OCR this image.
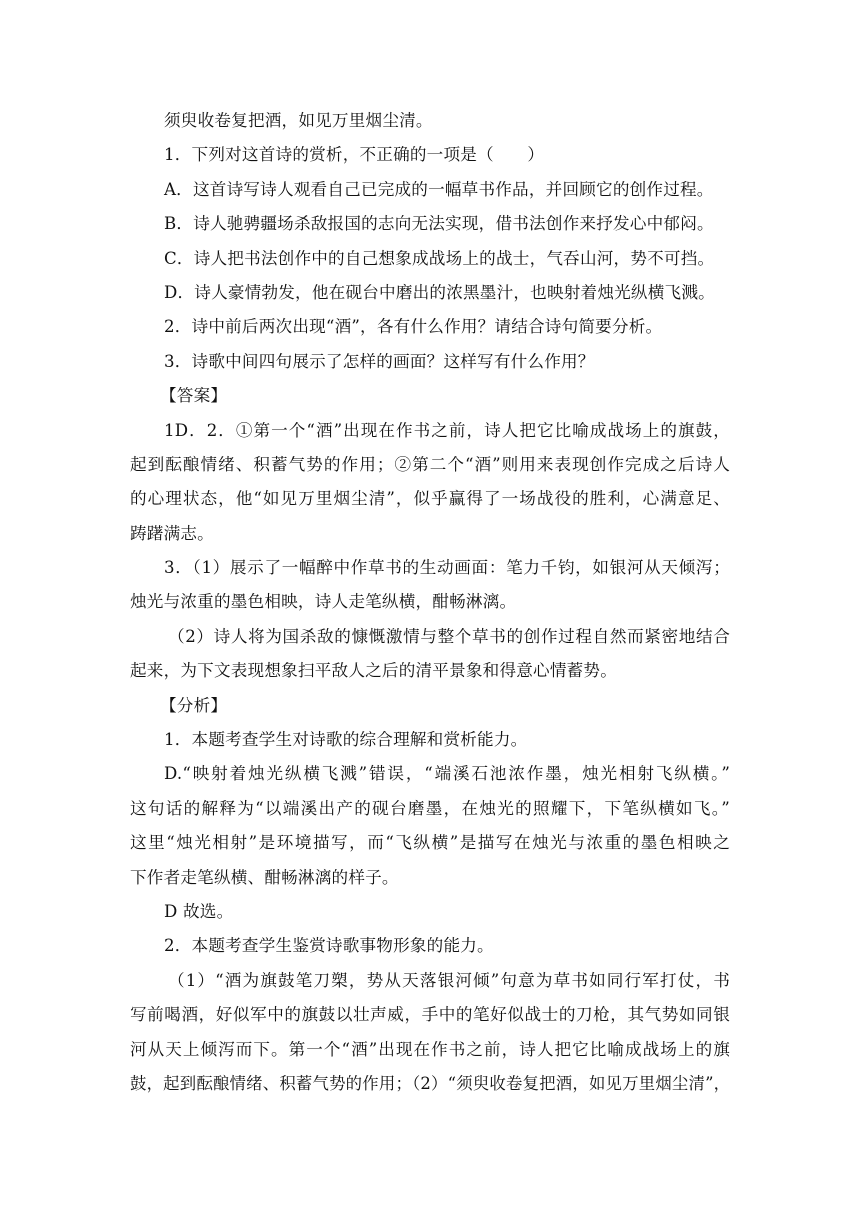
须臾收卷复把酒，如见万里烟尘清。
1．下列对这首诗的赏析，不正确的一项是（　　）
A．这首诗写诗人观看自己已完成的一幅草书作品，并回顾它的创作过程。
B．诗人驰骋疆场杀敌报国的志向无法实现，借书法创作来抒发心中郁闷。
C．诗人把书法创作中的自己想象成战场上的战士，气吞山河，势不可挡。
D．诗人豪情勃发，他在砚台中磨出的浓黑墨汁，也映射着烛光纵横飞溅。
2．诗中前后两次出现“酒”，各有什么作用？请结合诗句简要分析。
3．诗歌中间四句展示了怎样的画面？这样写有什么作用？
【答案】
1D．2．①第一个“酒”出现在作书之前，诗人把它比喻成战场上的旗鼓，
起到酝酿情绪、积蓄气势的作用；②第二个“酒”则用来表现创作完成之后诗人
的心理状态，他“如见万里烟尘清”，似乎赢得了一场战役的胜利，心满意足、
踌躇满志。
3．（1）展示了一幅醉中作草书的生动画面：笔力千钧，如银河从天倾泻；
烛光与浓重的墨色相映，诗人走笔纵横，酣畅淋漓。
（2）诗人将为国杀敌的慷慨激情与整个草书的创作过程自然而紧密地结合
起来，为下文表现想象扫平敌人之后的清平景象和得意心情蓄势。
【分析】
1．本题考查学生对诗歌的综合理解和赏析能力。
D.“映射着烛光纵横飞溅”错误，“端溪石池浓作墨，烛光相射飞纵横。”
这句话的解释为“以端溪出产的砚台磨墨，在烛光的照耀下，下笔纵横如飞。”
这里“烛光相射”是环境描写，而“飞纵横”是描写在烛光与浓重的墨色相映之
下作者走笔纵横、酣畅淋漓的样子。
D 故选。
2．本题考查学生鉴赏诗歌事物形象的能力。
（1）“酒为旗鼓笔刀槊，势从天落银河倾”句意为草书如同行军打仗，书
写前喝酒，好似军中的旗鼓以壮声威，手中的笔好似战士的刀枪，其气势如同银
河从天上倾泻而下。第一个“酒”出现在作书之前，诗人把它比喻成战场上的旗
鼓，起到酝酿情绪、积蓄气势的作用；（2）“须臾收卷复把酒，如见万里烟尘清”，
